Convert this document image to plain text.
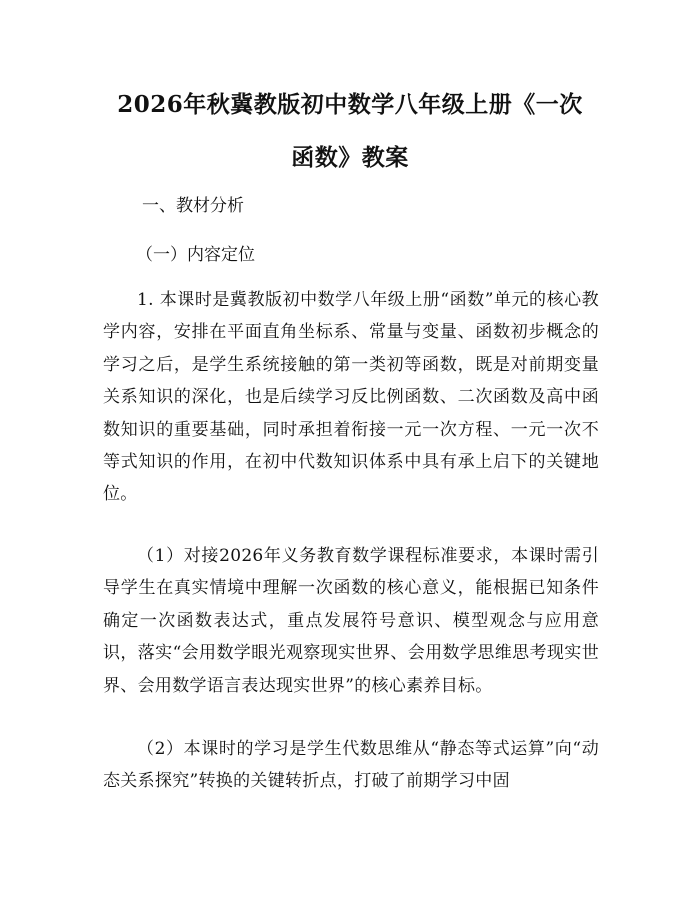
2026年秋冀教版初中数学八年级上册《一次
函数》教案
一、教材分析
（一）内容定位
1. 本课时是冀教版初中数学八年级上册“函数”单元的核心教学内容，安排在平面直角坐标系、常量与变量、函数初步概念的学习之后，是学生系统接触的第一类初等函数，既是对前期变量关系知识的深化，也是后续学习反比例函数、二次函数及高中函数知识的重要基础，同时承担着衔接一元一次方程、一元一次不等式知识的作用，在初中代数知识体系中具有承上启下的关键地位。
（1）对接2026年义务教育数学课程标准要求，本课时需引导学生在真实情境中理解一次函数的核心意义，能根据已知条件确定一次函数表达式，重点发展符号意识、模型观念与应用意识，落实“会用数学眼光观察现实世界、会用数学思维思考现实世界、会用数学语言表达现实世界”的核心素养目标。
（2）本课时的学习是学生代数思维从“静态等式运算”向“动态关系探究”转换的关键转折点，打破了前期学习中固
